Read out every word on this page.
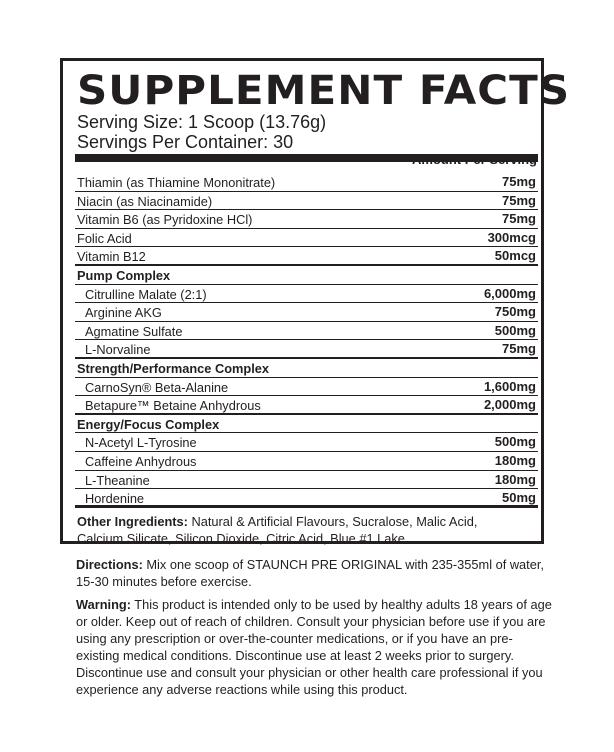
SUPPLEMENT FACTS
Serving Size: 1 Scoop (13.76g)
Servings Per Container: 30
Amount Per Serving
Thiamin (as Thiamine Mononitrate)	75mg
Niacin (as Niacinamide)	75mg
Vitamin B6 (as Pyridoxine HCl)	75mg
Folic Acid	300mcg
Vitamin B12	50mcg
Pump Complex
Citrulline Malate (2:1)	6,000mg
Arginine AKG	750mg
Agmatine Sulfate	500mg
L-Norvaline	75mg
Strength/Performance Complex
CarnoSyn® Beta-Alanine	1,600mg
Betapure™ Betaine Anhydrous	2,000mg
Energy/Focus Complex
N-Acetyl L-Tyrosine	500mg
Caffeine Anhydrous	180mg
L-Theanine	180mg
Hordenine	50mg
Other Ingredients: Natural & Artificial Flavours, Sucralose, Malic Acid, Calcium Silicate, Silicon Dioxide, Citric Acid, Blue #1 Lake.
Directions: Mix one scoop of STAUNCH PRE ORIGINAL with 235-355ml of water, 15-30 minutes before exercise.
Warning: This product is intended only to be used by healthy adults 18 years of age or older. Keep out of reach of children. Consult your physician before use if you are using any prescription or over-the-counter medications, or if you have an pre-existing medical conditions. Discontinue use at least 2 weeks prior to surgery. Discontinue use and consult your physician or other health care professional if you experience any adverse reactions while using this product.
